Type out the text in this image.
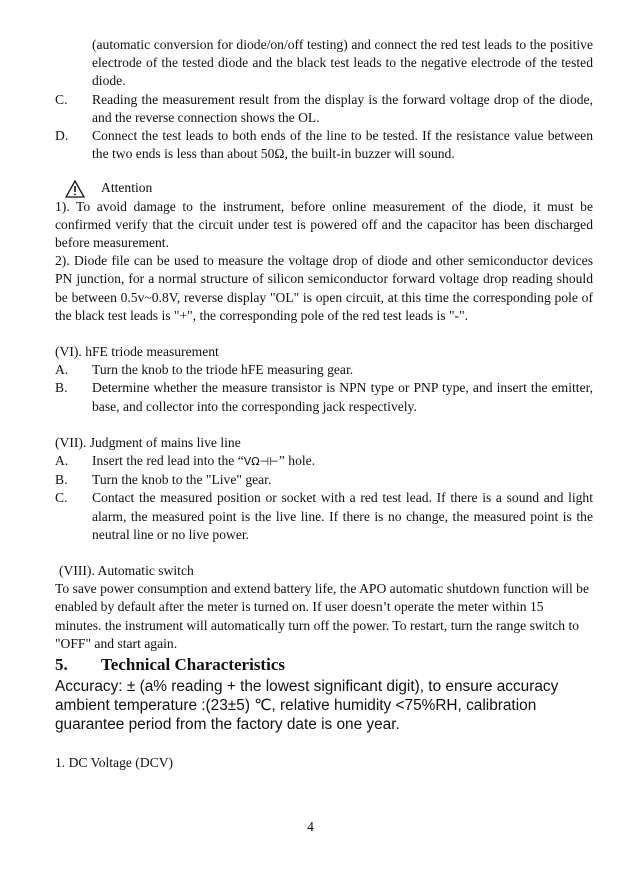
(automatic conversion for diode/on/off testing) and connect the red test leads to the positive electrode of the tested diode and the black test leads to the negative electrode of the tested diode.

C.	Reading the measurement result from the display is the forward voltage drop of the diode, and the reverse connection shows the OL.
D.	Connect the test leads to both ends of the line to be tested. If the resistance value between the two ends is less than about 50Ω, the built-in buzzer will sound.
Attention

1). To avoid damage to the instrument, before online measurement of the diode, it must be confirmed verify that the circuit under test is powered off and the capacitor has been discharged before measurement.

2). Diode file can be used to measure the voltage drop of diode and other semiconductor devices PN junction, for a normal structure of silicon semiconductor forward voltage drop reading should be between 0.5v~0.8V, reverse display "OL" is open circuit, at this time the corresponding pole of the black test leads is "+", the corresponding pole of the red test leads is "-".

(VI). hFE triode measurement

A.	Turn the knob to the triode hFE measuring gear.
B.	Determine whether the measure transistor is NPN type or PNP type, and insert the emitter, base, and collector into the corresponding jack respectively.

(VII). Judgment of mains live line

A.	Insert the red lead into the “VΩ⊣⊢” hole.
B.	Turn the knob to the "Live" gear.
C.	Contact the measured position or socket with a red test lead. If there is a sound and light alarm, the measured point is the live line. If there is no change, the measured point is the neutral line or no live power.

(VIII). Automatic switch

To save power consumption and extend battery life, the APO automatic shutdown function will be enabled by default after the meter is turned on. If user doesn’t operate the meter within 15 minutes. the instrument will automatically turn off the power. To restart, turn the range switch to "OFF" and start again.

5.	Technical Characteristics

Accuracy: ± (a% reading + the lowest significant digit), to ensure accuracy ambient temperature :(23±5) ℃, relative humidity <75%RH, calibration guarantee period from the factory date is one year.

1. DC Voltage (DCV)

4
